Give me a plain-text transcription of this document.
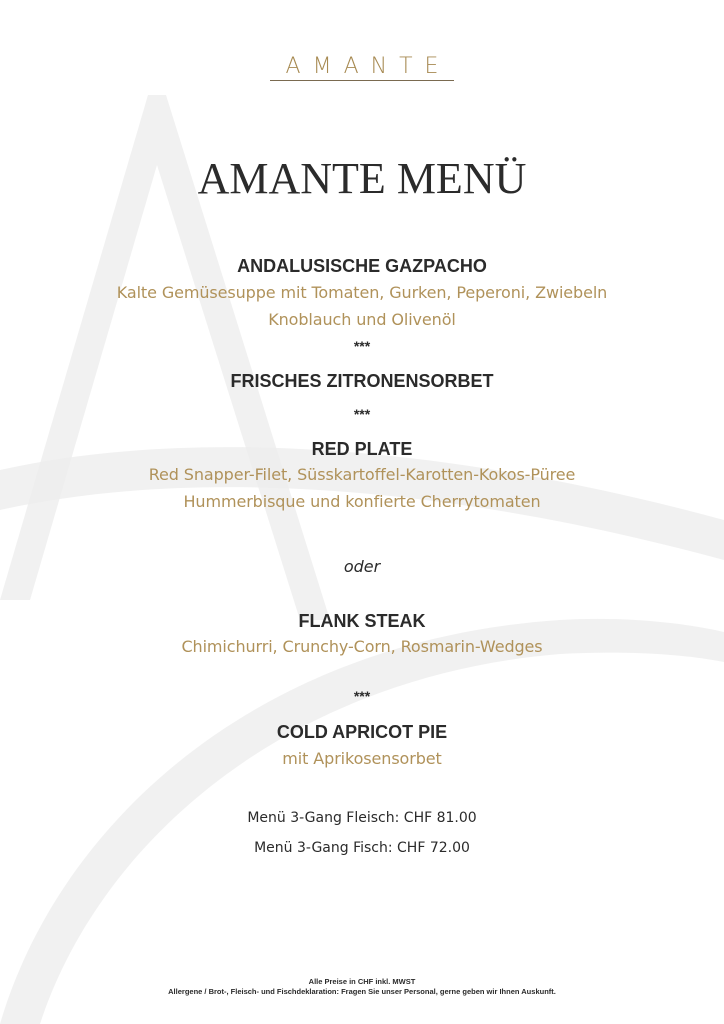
AMANTE
AMANTE MENÜ
ANDALUSISCHE GAZPACHO
Kalte Gemüsesuppe mit Tomaten, Gurken, Peperoni, Zwiebeln
Knoblauch und Olivenöl
***
FRISCHES ZITRONENSORBET
***
RED PLATE
Red Snapper-Filet, Süsskartoffel-Karotten-Kokos-Püree
Hummerbisque und konfierte Cherrytomaten
oder
FLANK STEAK
Chimichurri, Crunchy-Corn, Rosmarin-Wedges
***
COLD APRICOT PIE
mit Aprikosensorbet
Menü 3-Gang Fleisch: CHF 81.00
Menü 3-Gang Fisch: CHF 72.00
Alle Preise in CHF inkl. MWST
Allergene / Brot-, Fleisch- und Fischdeklaration: Fragen Sie unser Personal, gerne geben wir Ihnen Auskunft.
